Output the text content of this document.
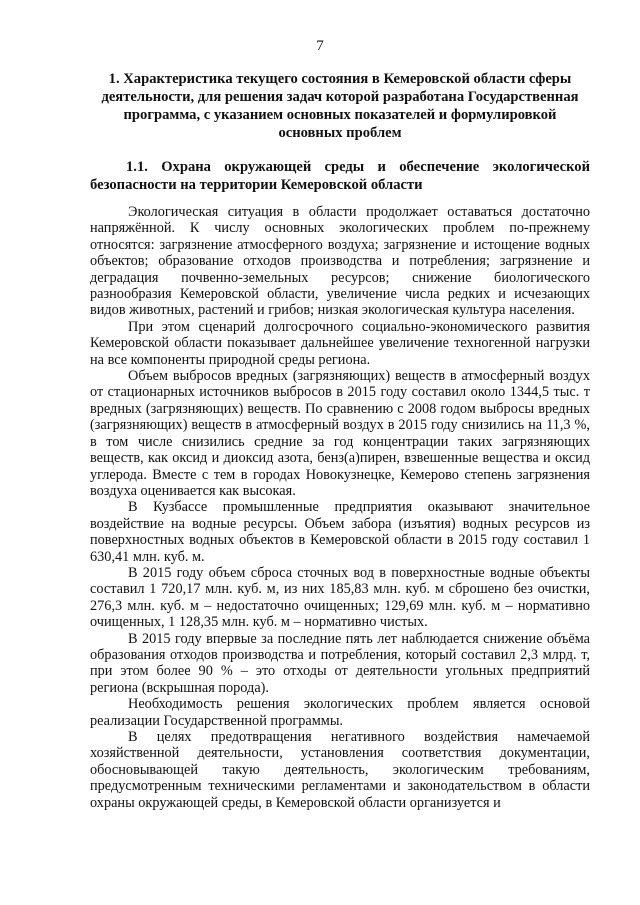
7
1. Характеристика текущего состояния в Кемеровской области сферы деятельности, для решения задач которой разработана Государственная программа, с указанием основных показателей и формулировкой основных проблем
1.1. Охрана окружающей среды и обеспечение экологической безопасности на территории Кемеровской области

Экологическая ситуация в области продолжает оставаться достаточно напряжённой. К числу основных экологических проблем по-прежнему относятся: загрязнение атмосферного воздуха; загрязнение и истощение водных объектов; образование отходов производства и потребления; загрязнение и деградация почвенно-земельных ресурсов; снижение биологического разнообразия Кемеровской области, увеличение числа редких и исчезающих видов животных, растений и грибов; низкая экологическая культура населения.

При этом сценарий долгосрочного социально-экономического развития Кемеровской области показывает дальнейшее увеличение техногенной нагрузки на все компоненты природной среды региона.

Объем выбросов вредных (загрязняющих) веществ в атмосферный воздух от стационарных источников выбросов в 2015 году составил около 1344,5 тыс. т вредных (загрязняющих) веществ. По сравнению с 2008 годом выбросы вредных (загрязняющих) веществ в атмосферный воздух в 2015 году снизились на 11,3 %, в том числе снизились средние за год концентрации таких загрязняющих веществ, как оксид и диоксид азота, бенз(а)пирен, взвешенные вещества и оксид углерода. Вместе с тем в городах Новокузнецке, Кемерово степень загрязнения воздуха оценивается как высокая.

В Кузбассе промышленные предприятия оказывают значительное воздействие на водные ресурсы. Объем забора (изъятия) водных ресурсов из поверхностных водных объектов в Кемеровской области в 2015 году составил 1 630,41 млн. куб. м.

В 2015 году объем сброса сточных вод в поверхностные водные объекты составил 1 720,17 млн. куб. м, из них 185,83 млн. куб. м сброшено без очистки, 276,3 млн. куб. м – недостаточно очищенных; 129,69 млн. куб. м – нормативно очищенных, 1 128,35 млн. куб. м – нормативно чистых.

В 2015 году впервые за последние пять лет наблюдается снижение объёма образования отходов производства и потребления, который составил 2,3 млрд. т, при этом более 90 % – это отходы от деятельности угольных предприятий региона (вскрышная порода).

Необходимость решения экологических проблем является основой реализации Государственной программы.

В целях предотвращения негативного воздействия намечаемой хозяйственной деятельности, установления соответствия документации, обосновывающей такую деятельность, экологическим требованиям, предусмотренным техническими регламентами и законодательством в области охраны окружающей среды, в Кемеровской области организуется и
